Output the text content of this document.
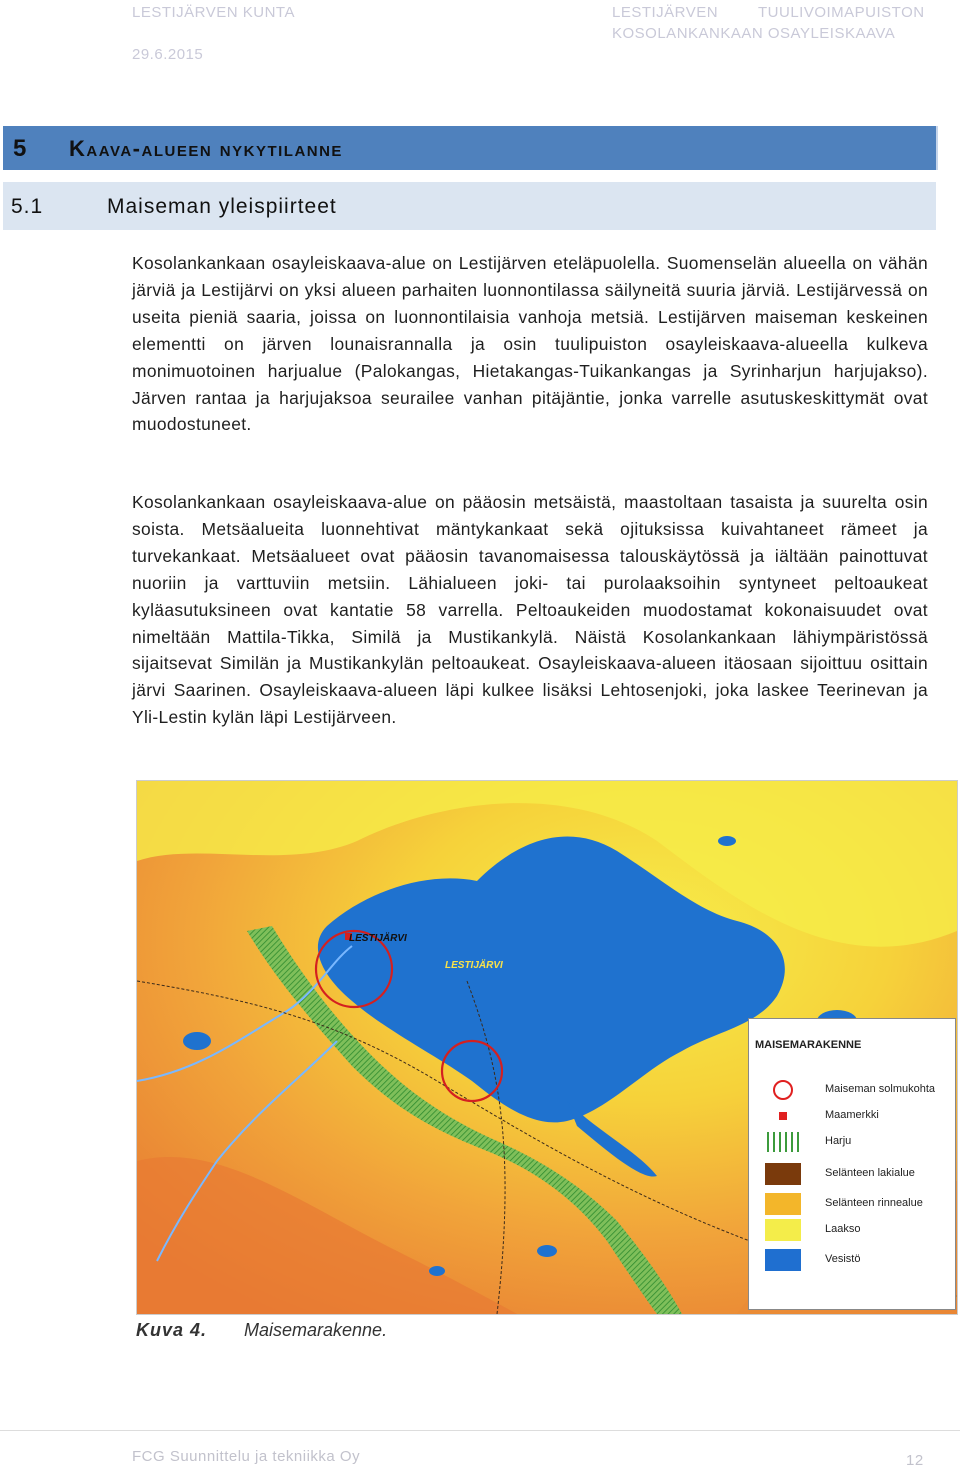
LESTIJÄRVEN KUNTA
29.6.2015
LESTIJÄRVEN	TUULIVOIMAPUISTON
KOSOLANKANKAAN OSAYLEISKAAVA
5 Kaava-alueen nykytilanne
5.1	Maiseman yleispiirteet

Kosolankankaan osayleiskaava-alue on Lestijärven eteläpuolella. Suomenselän alueella on vähän järviä ja Lestijärvi on yksi alueen parhaiten luonnontilassa säilyneitä suuria järviä. Lestijärvessä on useita pieniä saaria, joissa on luonnontilaisia vanhoja metsiä. Lestijärven maiseman keskeinen elementti on järven lounaisrannalla ja osin tuulipuiston osayleiskaava-alueella kulkeva monimuotoinen harjualue (Palokangas, Hietakangas-Tuikankangas ja Syrinharjun harjujakso). Järven rantaa ja harjujaksoa seurailee vanhan pitäjäntie, jonka varrelle asutuskeskittymät ovat muodostuneet.

Kosolankankaan osayleiskaava-alue on pääosin metsäistä, maastoltaan tasaista ja suurelta osin soista. Metsäalueita luonnehtivat mäntykankaat sekä ojituksissa kuivahtaneet rämeet ja turvekankaat. Metsäalueet ovat pääosin tavanomaisessa talouskäytössä ja iältään painottuvat nuoriin ja varttuviin metsiin. Lähialueen joki- tai purolaaksoihin syntyneet peltoaukeat kyläasutuksineen ovat kantatie 58 varrella. Peltoaukeiden muodostamat kokonaisuudet ovat nimeltään Mattila-Tikka, Similä ja Mustikankylä. Näistä Kosolankankaan lähiympäristössä sijaitsevat Similän ja Mustikankylän peltoaukeat. Osayleiskaava-alueen itäosaan sijoittuu osittain järvi Saarinen. Osayleiskaava-alueen läpi kulkee lisäksi Lehtosenjoki, joka laskee Teerinevan ja Yli-Lestin kylän läpi Lestijärveen.

LESTIJÄRVI
LESTIJÄRVI
MAISEMARAKENNE
Maiseman solmukohta
Maamerkki
Harju
Selänteen lakialue
Selänteen rinnealue
Laakso
Vesistö
Kuva 4. Maisemarakenne.
FCG Suunnittelu ja tekniikka Oy	12
